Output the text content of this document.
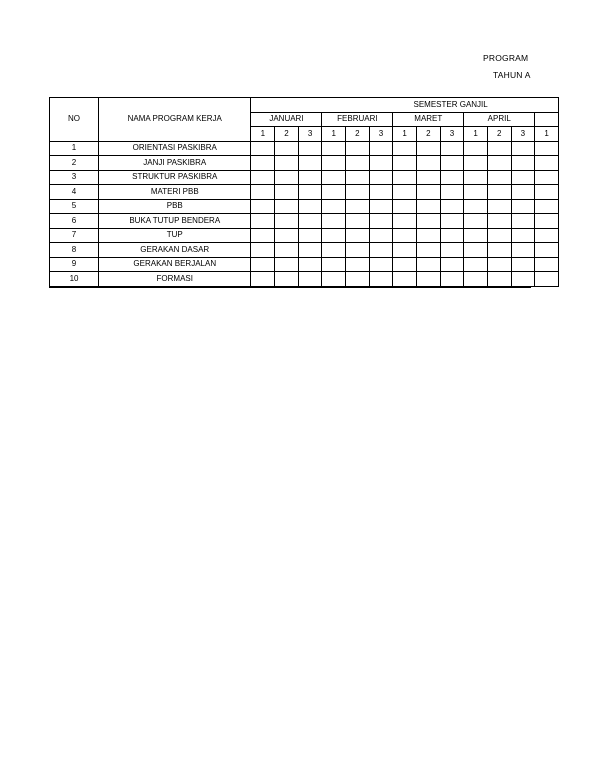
PROGRAM
TAHUN A
NO	NAMA PROGRAM KERJA	SEMESTER GANJIL												
		JANUARI			FEBRUARI			MARET			APRIL			
		1	2	3	1	2	3	1	2	3	1	2	3	1
1	ORIENTASI PASKIBRA													
2	JANJI PASKIBRA													
3	STRUKTUR PASKIBRA													
4	MATERI PBB													
5	PBB													
6	BUKA TUTUP BENDERA													
7	TUP													
8	GERAKAN DASAR													
9	GERAKAN BERJALAN													
10	FORMASI													
